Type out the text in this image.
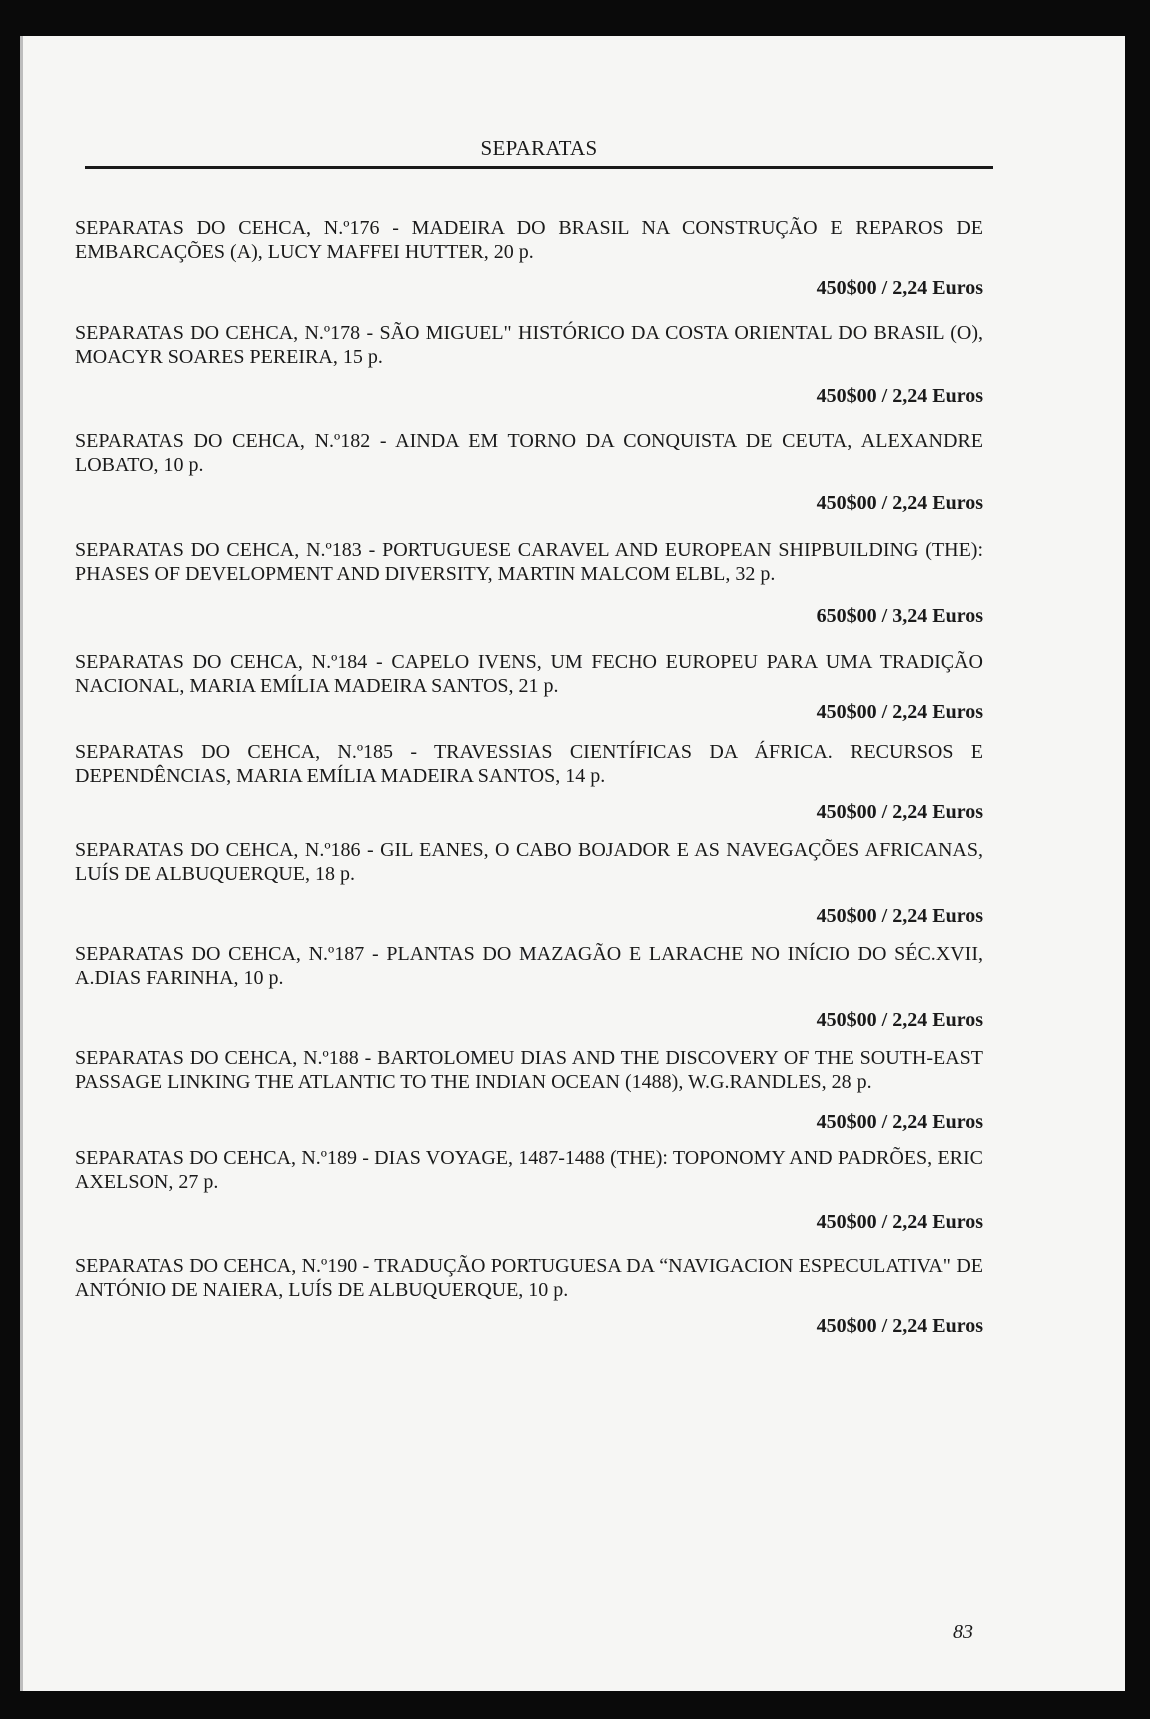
SEPARATAS

SEPARATAS DO CEHCA, N.º176 - MADEIRA DO BRASIL NA CONSTRUÇÃO E REPAROS DE EMBARCAÇÕES (A), LUCY MAFFEI HUTTER, 20 p.

450$00 / 2,24 Euros

SEPARATAS DO CEHCA, N.º178 - SÃO MIGUEL" HISTÓRICO DA COSTA ORIENTAL DO BRASIL (O), MOACYR SOARES PEREIRA, 15 p.

450$00 / 2,24 Euros

SEPARATAS DO CEHCA, N.º182 - AINDA EM TORNO DA CONQUISTA DE CEUTA, ALEXANDRE LOBATO, 10 p.

450$00 / 2,24 Euros

SEPARATAS DO CEHCA, N.º183 - PORTUGUESE CARAVEL AND EUROPEAN SHIPBUILDING (THE): PHASES OF DEVELOPMENT AND DIVERSITY, MARTIN MALCOM ELBL, 32 p.

650$00 / 3,24 Euros

SEPARATAS DO CEHCA, N.º184 - CAPELO IVENS, UM FECHO EUROPEU PARA UMA TRADIÇÃO NACIONAL, MARIA EMÍLIA MADEIRA SANTOS, 21 p.

450$00 / 2,24 Euros

SEPARATAS DO CEHCA, N.º185 - TRAVESSIAS CIENTÍFICAS DA ÁFRICA. RECURSOS E DEPENDÊNCIAS, MARIA EMÍLIA MADEIRA SANTOS, 14 p.

450$00 / 2,24 Euros

SEPARATAS DO CEHCA, N.º186 - GIL EANES, O CABO BOJADOR E AS NAVEGAÇÕES AFRICANAS, LUÍS DE ALBUQUERQUE, 18 p.

450$00 / 2,24 Euros

SEPARATAS DO CEHCA, N.º187 - PLANTAS DO MAZAGÃO E LARACHE NO INÍCIO DO SÉC.XVII, A.DIAS FARINHA, 10 p.

450$00 / 2,24 Euros

SEPARATAS DO CEHCA, N.º188 - BARTOLOMEU DIAS AND THE DISCOVERY OF THE SOUTH-EAST PASSAGE LINKING THE ATLANTIC TO THE INDIAN OCEAN (1488), W.G.RANDLES, 28 p.

450$00 / 2,24 Euros

SEPARATAS DO CEHCA, N.º189 - DIAS VOYAGE, 1487-1488 (THE): TOPONOMY AND PADRÕES, ERIC AXELSON, 27 p.

450$00 / 2,24 Euros

SEPARATAS DO CEHCA, N.º190 - TRADUÇÃO PORTUGUESA DA “NAVIGACION ESPECULATIVA" DE ANTÓNIO DE NAIERA, LUÍS DE ALBUQUERQUE, 10 p.

450$00 / 2,24 Euros

83
